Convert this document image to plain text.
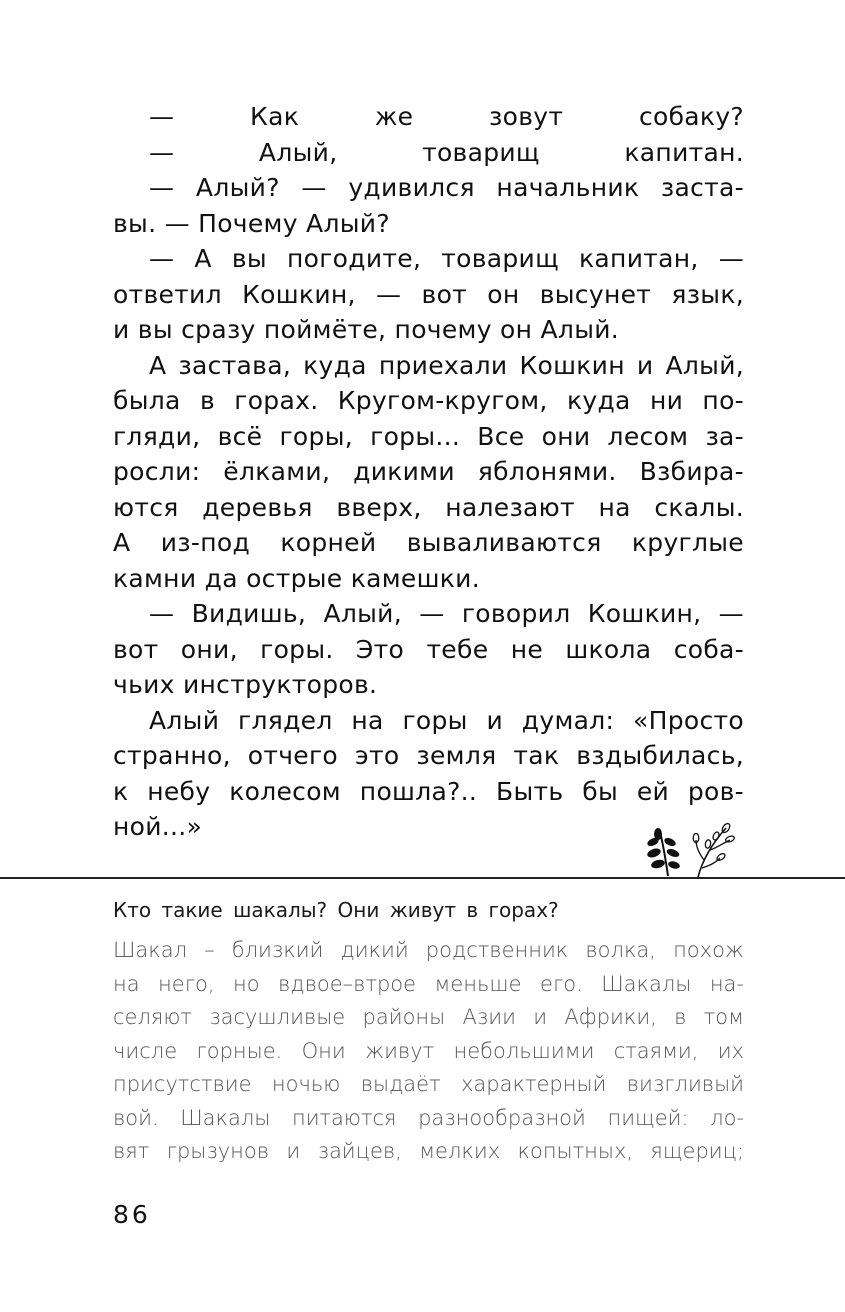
— Как же зовут собаку?
— Алый, товарищ капитан.
— Алый? — удивился начальник заста-
вы. — Почему Алый?
— А вы погодите, товарищ капитан, —
ответил Кошкин, — вот он высунет язык,
и вы сразу поймёте, почему он Алый.
А застава, куда приехали Кошкин и Алый,
была в горах. Кругом-кругом, куда ни по-
гляди, всё горы, горы... Все они лесом за-
росли: ёлками, дикими яблонями. Взбира-
ются деревья вверх, налезают на скалы.
А из-под корней вываливаются круглые
камни да острые камешки.
— Видишь, Алый, — говорил Кошкин, —
вот они, горы. Это тебе не школа соба-
чьих инструкторов.
Алый глядел на горы и думал: «Просто
странно, отчего это земля так вздыбилась,
к небу колесом пошла?.. Быть бы ей ров-
ной...»
Кто такие шакалы? Они живут в горах?
Шакал – близкий дикий родственник волка, похож
на него, но вдвое–втрое меньше его. Шакалы на-
селяют засушливые районы Азии и Африки, в том
числе горные. Они живут небольшими стаями, их
присутствие ночью выдаёт характерный визгливый
вой. Шакалы питаются разнообразной пищей: ло-
вят грызунов и зайцев, мелких копытных, ящериц;
86
